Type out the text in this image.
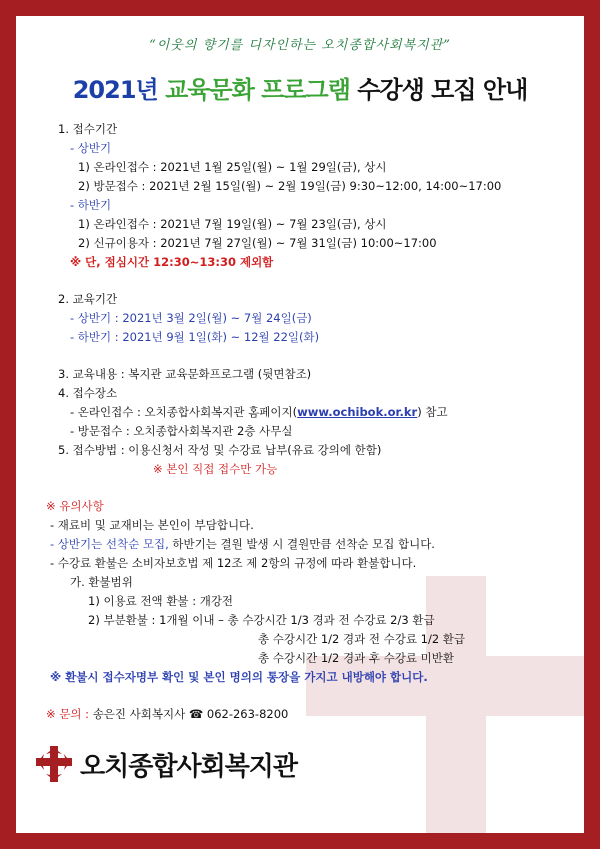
“이웃의 향기를 디자인하는 오치종합사회복지관”
2021년 교육문화 프로그램 수강생 모집 안내
1. 접수기간
- 상반기
1) 온라인접수 : 2021년 1월 25일(월) ~ 1월 29일(금), 상시
2) 방문접수 : 2021년 2월 15일(월) ~ 2월 19일(금) 9:30~12:00, 14:00~17:00
- 하반기
1) 온라인접수 : 2021년 7월 19일(월) ~ 7월 23일(금), 상시
2) 신규이용자 : 2021년 7월 27일(월) ~ 7월 31일(금) 10:00~17:00
※ 단, 점심시간 12:30~13:30 제외함
2. 교육기간
- 상반기 : 2021년 3월 2일(월) ~ 7월 24일(금)
- 하반기 : 2021년 9월 1일(화) ~ 12월 22일(화)
3. 교육내용 : 복지관 교육문화프로그램 (뒷면참조)
4. 접수장소
- 온라인접수 : 오치종합사회복지관 홈페이지(www.ochibok.or.kr) 참고
- 방문접수 : 오치종합사회복지관 2층 사무실
5. 접수방법 : 이용신청서 작성 및 수강료 납부(유료 강의에 한함)
※ 본인 직접 접수만 가능
※ 유의사항
- 재료비 및 교재비는 본인이 부담합니다.
- 상반기는 선착순 모집, 하반기는 결원 발생 시 결원만큼 선착순 모집 합니다.
- 수강료 환불은 소비자보호법 제 12조 제 2항의 규정에 따라 환불합니다.
가. 환불범위
1) 이용료 전액 환불 : 개강전
2) 부분환불 : 1개월 이내 – 총 수강시간 1/3 경과 전 수강료 2/3 환급
총 수강시간 1/2 경과 전 수강료 1/2 환급
총 수강시간 1/2 경과 후 수강료 미반환
※ 환불시 접수자명부 확인 및 본인 명의의 통장을 가지고 내방해야 합니다.
※ 문의 : 송은진 사회복지사 ☎ 062-263-8200
오치종합사회복지관
